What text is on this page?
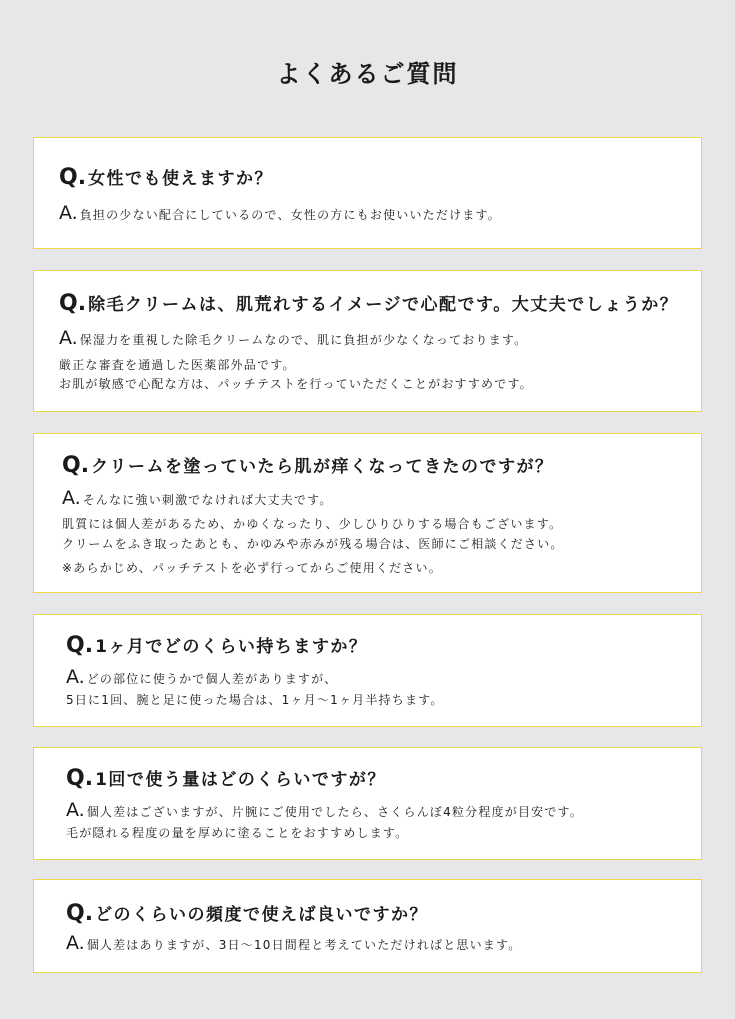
よくあるご質問
Q. 女性でも使えますか？
A. 負担の少ない配合にしているので、女性の方にもお使いいただけます。
Q. 除毛クリームは、肌荒れするイメージで心配です。大丈夫でしょうか？
A. 保湿力を重視した除毛クリームなので、肌に負担が少なくなっております。
厳正な審査を通過した医薬部外品です。
お肌が敏感で心配な方は、パッチテストを行っていただくことがおすすめです。
Q. クリームを塗っていたら肌が痒くなってきたのですが？
A. そんなに強い刺激でなければ大丈夫です。
肌質には個人差があるため、かゆくなったり、少しひりひりする場合もございます。
クリームをふき取ったあとも、かゆみや赤みが残る場合は、医師にご相談ください。
※あらかじめ、パッチテストを必ず行ってからご使用ください。
Q. 1ヶ月でどのくらい持ちますか？
A. どの部位に使うかで個人差がありますが、
5日に1回、腕と足に使った場合は、1ヶ月〜1ヶ月半持ちます。
Q. 1回で使う量はどのくらいですが？
A. 個人差はございますが、片腕にご使用でしたら、さくらんぼ4粒分程度が目安です。
毛が隠れる程度の量を厚めに塗ることをおすすめします。
Q. どのくらいの頻度で使えば良いですか？
A. 個人差はありますが、3日〜10日間程と考えていただければと思います。
